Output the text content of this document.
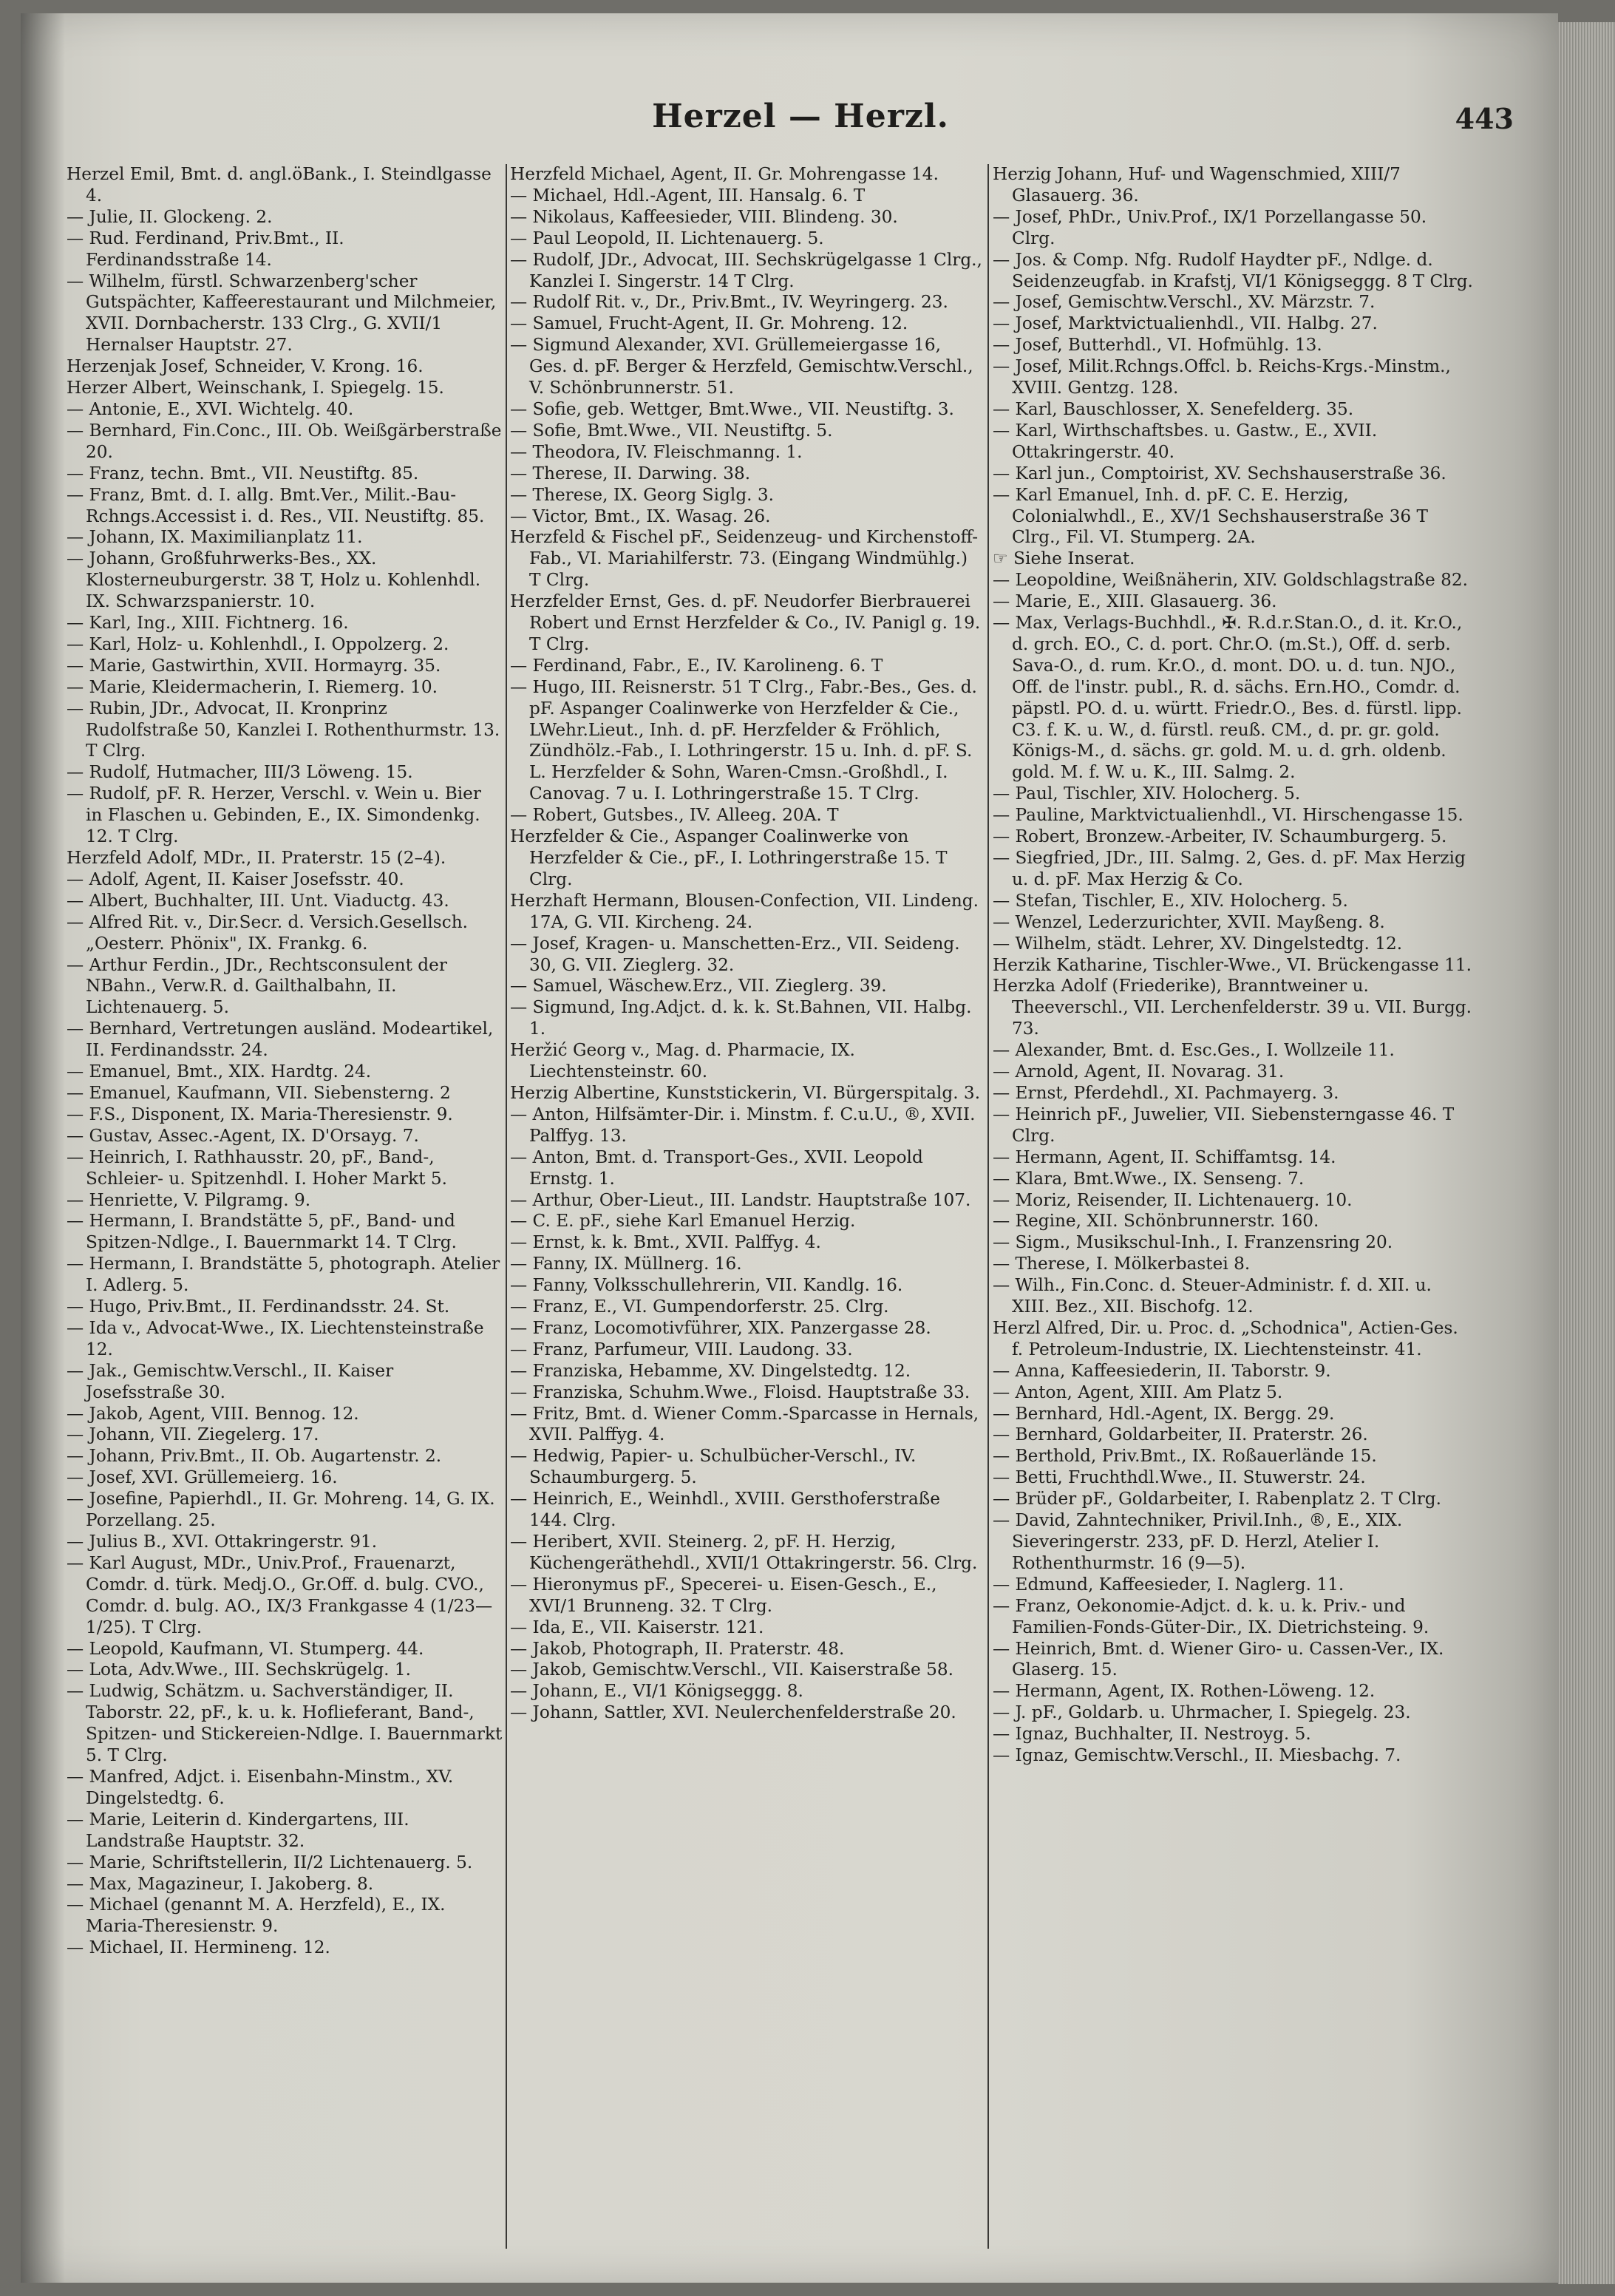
Herzel — Herzl.	443

Herzel Emil, Bmt. d. angl.öBank., I. Steindlgasse 4.

— Julie, II. Glockeng. 2.

— Rud. Ferdinand, Priv.Bmt., II. Ferdinandsstraße 14.

— Wilhelm, fürstl. Schwarzenberg'scher Gutspächter, Kaffeerestaurant und Milchmeier, XVII. Dornbacherstr. 133 Clrg., G. XVII/1 Hernalser Hauptstr. 27.

Herzenjak Josef, Schneider, V. Krong. 16.

Herzer Albert, Weinschank, I. Spiegelg. 15.

— Antonie, E., XVI. Wichtelg. 40.

— Bernhard, Fin.Conc., III. Ob. Weißgärberstraße 20.

— Franz, techn. Bmt., VII. Neustiftg. 85.

— Franz, Bmt. d. I. allg. Bmt.Ver., Milit.-Bau-Rchngs.Accessist i. d. Res., VII. Neustiftg. 85.

— Johann, IX. Maximilianplatz 11.

— Johann, Großfuhrwerks-Bes., XX. Klosterneuburgerstr. 38 T, Holz u. Kohlenhdl. IX. Schwarzspanierstr. 10.

— Karl, Ing., XIII. Fichtnerg. 16.

— Karl, Holz- u. Kohlenhdl., I. Oppolzerg. 2.

— Marie, Gastwirthin, XVII. Hormayrg. 35.

— Marie, Kleidermacherin, I. Riemerg. 10.

— Rubin, JDr., Advocat, II. Kronprinz Rudolfstraße 50, Kanzlei I. Rothenthurmstr. 13. T Clrg.

— Rudolf, Hutmacher, III/3 Löweng. 15.

— Rudolf, pF. R. Herzer, Verschl. v. Wein u. Bier in Flaschen u. Gebinden, E., IX. Simondenkg. 12. T Clrg.

Herzfeld Adolf, MDr., II. Praterstr. 15 (2–4).

— Adolf, Agent, II. Kaiser Josefsstr. 40.

— Albert, Buchhalter, III. Unt. Viaductg. 43.

— Alfred Rit. v., Dir.Secr. d. Versich.Gesellsch. „Oesterr. Phönix", IX. Frankg. 6.

— Arthur Ferdin., JDr., Rechtsconsulent der NBahn., Verw.R. d. Gailthalbahn, II. Lichtenauerg. 5.

— Bernhard, Vertretungen ausländ. Modeartikel, II. Ferdinandsstr. 24.

— Emanuel, Bmt., XIX. Hardtg. 24.

— Emanuel, Kaufmann, VII. Siebensterng. 2

— F.S., Disponent, IX. Maria-Theresienstr. 9.

— Gustav, Assec.-Agent, IX. D'Orsayg. 7.

— Heinrich, I. Rathhausstr. 20, pF., Band-, Schleier- u. Spitzenhdl. I. Hoher Markt 5.

— Henriette, V. Pilgramg. 9.

— Hermann, I. Brandstätte 5, pF., Band- und Spitzen-Ndlge., I. Bauernmarkt 14. T Clrg.

— Hermann, I. Brandstätte 5, photograph. Atelier I. Adlerg. 5.

— Hugo, Priv.Bmt., II. Ferdinandsstr. 24. St.

— Ida v., Advocat-Wwe., IX. Liechtensteinstraße 12.

— Jak., Gemischtw.Verschl., II. Kaiser Josefsstraße 30.

— Jakob, Agent, VIII. Bennog. 12.

— Johann, VII. Ziegelerg. 17.

— Johann, Priv.Bmt., II. Ob. Augartenstr. 2.

— Josef, XVI. Grüllemeierg. 16.

— Josefine, Papierhdl., II. Gr. Mohreng. 14, G. IX. Porzellang. 25.

— Julius B., XVI. Ottakringerstr. 91.

— Karl August, MDr., Univ.Prof., Frauenarzt, Comdr. d. türk. Medj.O., Gr.Off. d. bulg. CVO., Comdr. d. bulg. AO., IX/3 Frankgasse 4 (1/23—1/25). T Clrg.

— Leopold, Kaufmann, VI. Stumperg. 44.

— Lota, Adv.Wwe., III. Sechskrügelg. 1.

— Ludwig, Schätzm. u. Sachverständiger, II. Taborstr. 22, pF., k. u. k. Hoflieferant, Band-, Spitzen- und Stickereien-Ndlge. I. Bauernmarkt 5. T Clrg.

— Manfred, Adjct. i. Eisenbahn-Minstm., XV. Dingelstedtg. 6.

— Marie, Leiterin d. Kindergartens, III. Landstraße Hauptstr. 32.

— Marie, Schriftstellerin, II/2 Lichtenauerg. 5.

— Max, Magazineur, I. Jakoberg. 8.

— Michael (genannt M. A. Herzfeld), E., IX. Maria-Theresienstr. 9.

— Michael, II. Hermineng. 12.

Herzfeld Michael, Agent, II. Gr. Mohrengasse 14.

— Michael, Hdl.-Agent, III. Hansalg. 6. T

— Nikolaus, Kaffeesieder, VIII. Blindeng. 30.

— Paul Leopold, II. Lichtenauerg. 5.

— Rudolf, JDr., Advocat, III. Sechskrügelgasse 1 Clrg., Kanzlei I. Singerstr. 14 T Clrg.

— Rudolf Rit. v., Dr., Priv.Bmt., IV. Weyringerg. 23.

— Samuel, Frucht-Agent, II. Gr. Mohreng. 12.

— Sigmund Alexander, XVI. Grüllemeiergasse 16, Ges. d. pF. Berger & Herzfeld, Gemischtw.Verschl., V. Schönbrunnerstr. 51.

— Sofie, geb. Wettger, Bmt.Wwe., VII. Neustiftg. 3.

— Sofie, Bmt.Wwe., VII. Neustiftg. 5.

— Theodora, IV. Fleischmanng. 1.

— Therese, II. Darwing. 38.

— Therese, IX. Georg Siglg. 3.

— Victor, Bmt., IX. Wasag. 26.

Herzfeld & Fischel pF., Seidenzeug- und Kirchenstoff-Fab., VI. Mariahilferstr. 73. (Eingang Windmühlg.) T Clrg.

Herzfelder Ernst, Ges. d. pF. Neudorfer Bierbrauerei Robert und Ernst Herzfelder & Co., IV. Panigl g. 19. T Clrg.

— Ferdinand, Fabr., E., IV. Karolineng. 6. T

— Hugo, III. Reisnerstr. 51 T Clrg., Fabr.-Bes., Ges. d. pF. Aspanger Coalinwerke von Herzfelder & Cie., LWehr.Lieut., Inh. d. pF. Herzfelder & Fröhlich, Zündhölz.-Fab., I. Lothringerstr. 15 u. Inh. d. pF. S. L. Herzfelder & Sohn, Waren-Cmsn.-Großhdl., I. Canovag. 7 u. I. Lothringerstraße 15. T Clrg.

— Robert, Gutsbes., IV. Alleeg. 20A. T

Herzfelder & Cie., Aspanger Coalinwerke von Herzfelder & Cie., pF., I. Lothringerstraße 15. T Clrg.

Herzhaft Hermann, Blousen-Confection, VII. Lindeng. 17A, G. VII. Kircheng. 24.

— Josef, Kragen- u. Manschetten-Erz., VII. Seideng. 30, G. VII. Zieglerg. 32.

— Samuel, Wäschew.Erz., VII. Zieglerg. 39.

— Sigmund, Ing.Adjct. d. k. k. St.Bahnen, VII. Halbg. 1.

Heržić Georg v., Mag. d. Pharmacie, IX. Liechtensteinstr. 60.

Herzig Albertine, Kunststickerin, VI. Bürgerspitalg. 3.

— Anton, Hilfsämter-Dir. i. Minstm. f. C.u.U., ®, XVII. Palffyg. 13.

— Anton, Bmt. d. Transport-Ges., XVII. Leopold Ernstg. 1.

— Arthur, Ober-Lieut., III. Landstr. Hauptstraße 107.

— C. E. pF., siehe Karl Emanuel Herzig.

— Ernst, k. k. Bmt., XVII. Palffyg. 4.

— Fanny, IX. Müllnerg. 16.

— Fanny, Volksschullehrerin, VII. Kandlg. 16.

— Franz, E., VI. Gumpendorferstr. 25. Clrg.

— Franz, Locomotivführer, XIX. Panzergasse 28.

— Franz, Parfumeur, VIII. Laudong. 33.

— Franziska, Hebamme, XV. Dingelstedtg. 12.

— Franziska, Schuhm.Wwe., Floisd. Hauptstraße 33.

— Fritz, Bmt. d. Wiener Comm.-Sparcasse in Hernals, XVII. Palffyg. 4.

— Hedwig, Papier- u. Schulbücher-Verschl., IV. Schaumburgerg. 5.

— Heinrich, E., Weinhdl., XVIII. Gersthoferstraße 144. Clrg.

— Heribert, XVII. Steinerg. 2, pF. H. Herzig, Küchengeräthehdl., XVII/1 Ottakringerstr. 56. Clrg.

— Hieronymus pF., Specerei- u. Eisen-Gesch., E., XVI/1 Brunneng. 32. T Clrg.

— Ida, E., VII. Kaiserstr. 121.

— Jakob, Photograph, II. Praterstr. 48.

— Jakob, Gemischtw.Verschl., VII. Kaiserstraße 58.

— Johann, E., VI/1 Königseggg. 8.

— Johann, Sattler, XVI. Neulerchenfelderstraße 20.

Herzig Johann, Huf- und Wagenschmied, XIII/7 Glasauerg. 36.

— Josef, PhDr., Univ.Prof., IX/1 Porzellangasse 50. Clrg.

— Jos. & Comp. Nfg. Rudolf Haydter pF., Ndlge. d. Seidenzeugfab. in Krafstj, VI/1 Königseggg. 8 T Clrg.

— Josef, Gemischtw.Verschl., XV. Märzstr. 7.

— Josef, Marktvictualienhdl., VII. Halbg. 27.

— Josef, Butterhdl., VI. Hofmühlg. 13.

— Josef, Milit.Rchngs.Offcl. b. Reichs-Krgs.-Minstm., XVIII. Gentzg. 128.

— Karl, Bauschlosser, X. Senefelderg. 35.

— Karl, Wirthschaftsbes. u. Gastw., E., XVII. Ottakringerstr. 40.

— Karl jun., Comptoirist, XV. Sechshauserstraße 36.

— Karl Emanuel, Inh. d. pF. C. E. Herzig, Colonialwhdl., E., XV/1 Sechshauserstraße 36 T Clrg., Fil. VI. Stumperg. 2A.

☞ Siehe Inserat.

— Leopoldine, Weißnäherin, XIV. Goldschlagstraße 82.

— Marie, E., XIII. Glasauerg. 36.

— Max, Verlags-Buchhdl., ✠. R.d.r.Stan.O., d. it. Kr.O., d. grch. EO., C. d. port. Chr.O. (m.St.), Off. d. serb. Sava-O., d. rum. Kr.O., d. mont. DO. u. d. tun. NJO., Off. de l'instr. publ., R. d. sächs. Ern.HO., Comdr. d. päpstl. PO. d. u. württ. Friedr.O., Bes. d. fürstl. lipp. C3. f. K. u. W., d. fürstl. reuß. CM., d. pr. gr. gold. Königs-M., d. sächs. gr. gold. M. u. d. grh. oldenb. gold. M. f. W. u. K., III. Salmg. 2.

— Paul, Tischler, XIV. Holocherg. 5.

— Pauline, Marktvictualienhdl., VI. Hirschengasse 15.

— Robert, Bronzew.-Arbeiter, IV. Schaumburgerg. 5.

— Siegfried, JDr., III. Salmg. 2, Ges. d. pF. Max Herzig u. d. pF. Max Herzig & Co.

— Stefan, Tischler, E., XIV. Holocherg. 5.

— Wenzel, Lederzurichter, XVII. Mayßeng. 8.

— Wilhelm, städt. Lehrer, XV. Dingelstedtg. 12.

Herzik Katharine, Tischler-Wwe., VI. Brückengasse 11.

Herzka Adolf (Friederike), Branntweiner u. Theeverschl., VII. Lerchenfelderstr. 39 u. VII. Burgg. 73.

— Alexander, Bmt. d. Esc.Ges., I. Wollzeile 11.

— Arnold, Agent, II. Novarag. 31.

— Ernst, Pferdehdl., XI. Pachmayerg. 3.

— Heinrich pF., Juwelier, VII. Siebensterngasse 46. T Clrg.

— Hermann, Agent, II. Schiffamtsg. 14.

— Klara, Bmt.Wwe., IX. Senseng. 7.

— Moriz, Reisender, II. Lichtenauerg. 10.

— Regine, XII. Schönbrunnerstr. 160.

— Sigm., Musikschul-Inh., I. Franzensring 20.

— Therese, I. Mölkerbastei 8.

— Wilh., Fin.Conc. d. Steuer-Administr. f. d. XII. u. XIII. Bez., XII. Bischofg. 12.

Herzl Alfred, Dir. u. Proc. d. „Schodnica", Actien-Ges. f. Petroleum-Industrie, IX. Liechtensteinstr. 41.

— Anna, Kaffeesiederin, II. Taborstr. 9.

— Anton, Agent, XIII. Am Platz 5.

— Bernhard, Hdl.-Agent, IX. Bergg. 29.

— Bernhard, Goldarbeiter, II. Praterstr. 26.

— Berthold, Priv.Bmt., IX. Roßauerlände 15.

— Betti, Fruchthdl.Wwe., II. Stuwerstr. 24.

— Brüder pF., Goldarbeiter, I. Rabenplatz 2. T Clrg.

— David, Zahntechniker, Privil.Inh., ®, E., XIX. Sieveringerstr. 233, pF. D. Herzl, Atelier I. Rothenthurmstr. 16 (9—5).

— Edmund, Kaffeesieder, I. Naglerg. 11.

— Franz, Oekonomie-Adjct. d. k. u. k. Priv.- und Familien-Fonds-Güter-Dir., IX. Dietrichsteing. 9.

— Heinrich, Bmt. d. Wiener Giro- u. Cassen-Ver., IX. Glaserg. 15.

— Hermann, Agent, IX. Rothen-Löweng. 12.

— J. pF., Goldarb. u. Uhrmacher, I. Spiegelg. 23.

— Ignaz, Buchhalter, II. Nestroyg. 5.

— Ignaz, Gemischtw.Verschl., II. Miesbachg. 7.
